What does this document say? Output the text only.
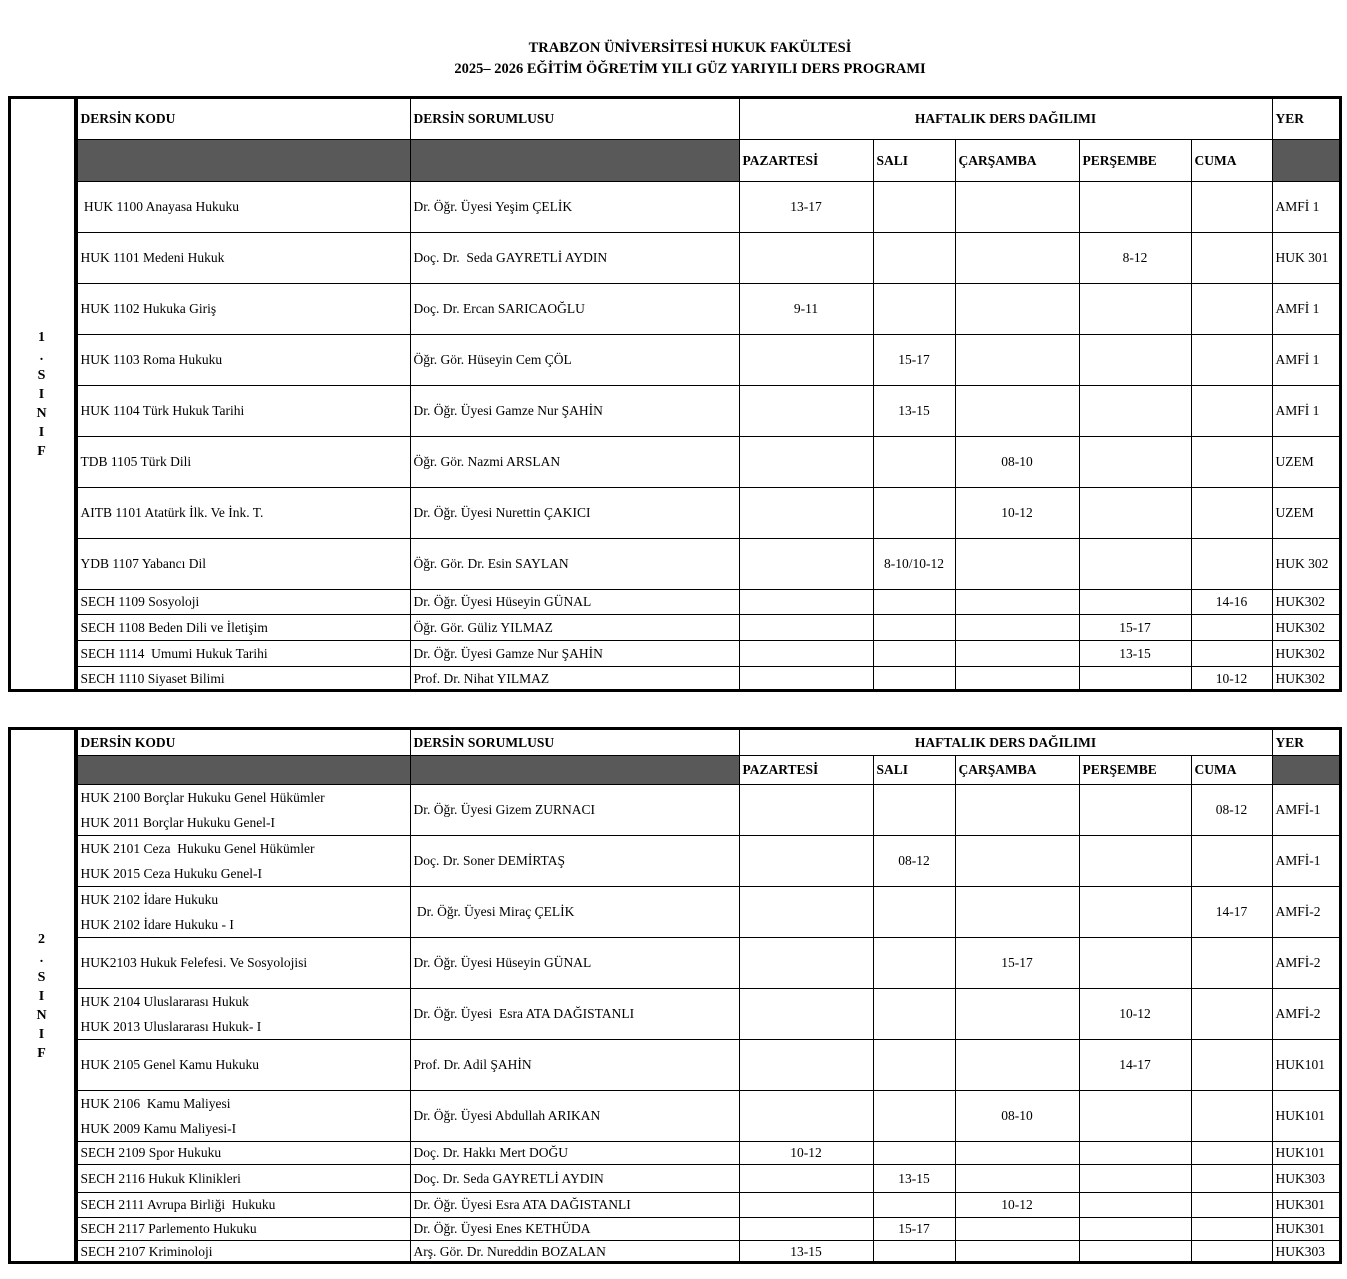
TRABZON ÜNİVERSİTESİ HUKUK FAKÜLTESİ
2025– 2026 EĞİTİM ÖĞRETİM YILI GÜZ YARIYILI DERS PROGRAMI
	DERSİN KODU	DERSİN SORUMLUSU	HAFTALIK DERS DAĞILIMI					YER
			PAZARTESİ	SALI	ÇARŞAMBA	PERŞEMBE	CUMA	
	HUK 1100 Anayasa Hukuku	Dr. Öğr. Üyesi Yeşim ÇELİK	13-17					AMFİ 1
	HUK 1101 Medeni Hukuk	Doç. Dr.  Seda GAYRETLİ AYDIN				8-12		HUK 301
	HUK 1102 Hukuka Giriş	Doç. Dr. Ercan SARICAOĞLU	9-11					AMFİ 1
	HUK 1103 Roma Hukuku	Öğr. Gör. Hüseyin Cem ÇÖL		15-17				AMFİ 1
	HUK 1104 Türk Hukuk Tarihi	Dr. Öğr. Üyesi Gamze Nur ŞAHİN		13-15				AMFİ 1
	TDB 1105 Türk Dili	Öğr. Gör. Nazmi ARSLAN			08-10			UZEM
	AITB 1101 Atatürk İlk. Ve İnk. T.	Dr. Öğr. Üyesi Nurettin ÇAKICI			10-12			UZEM
	YDB 1107 Yabancı Dil	Öğr. Gör. Dr. Esin SAYLAN		8-10/10-12				HUK 302
	SECH 1109 Sosyoloji	Dr. Öğr. Üyesi Hüseyin GÜNAL					14-16	HUK302
	SECH 1108 Beden Dili ve İletişim	Öğr. Gör. Güliz YILMAZ				15-17		HUK302
	SECH 1114  Umumi Hukuk Tarihi	Dr. Öğr. Üyesi Gamze Nur ŞAHİN				13-15		HUK302
	SECH 1110 Siyaset Bilimi	Prof. Dr. Nihat YILMAZ					10-12	HUK302
1
.
S
I
N
I
F
	DERSİN KODU	DERSİN SORUMLUSU	HAFTALIK DERS DAĞILIMI					YER
			PAZARTESİ	SALI	ÇARŞAMBA	PERŞEMBE	CUMA	

	HUK 2100 Borçlar Hukuku Genel Hükümler
HUK 2011 Borçlar Hukuku Genel-I	Dr. Öğr. Üyesi Gizem ZURNACI					08-12	AMFİ-1

	HUK 2101 Ceza  Hukuku Genel Hükümler
HUK 2015 Ceza Hukuku Genel-I	Doç. Dr. Soner DEMİRTAŞ		08-12				AMFİ-1

	HUK 2102 İdare Hukuku
HUK 2102 İdare Hukuku - I	Dr. Öğr. Üyesi Miraç ÇELİK					14-17	AMFİ-2
	HUK2103 Hukuk Felefesi. Ve Sosyolojisi	Dr. Öğr. Üyesi Hüseyin GÜNAL			15-17			AMFİ-2

	HUK 2104 Uluslararası Hukuk
HUK 2013 Uluslararası Hukuk- I	Dr. Öğr. Üyesi  Esra ATA DAĞISTANLI				10-12		AMFİ-2
	HUK 2105 Genel Kamu Hukuku	Prof. Dr. Adil ŞAHİN				14-17		HUK101

	HUK 2106  Kamu Maliyesi
HUK 2009 Kamu Maliyesi-I	Dr. Öğr. Üyesi Abdullah ARIKAN			08-10			HUK101
	SECH 2109 Spor Hukuku	Doç. Dr. Hakkı Mert DOĞU	10-12					HUK101
	SECH 2116 Hukuk Klinikleri	Doç. Dr. Seda GAYRETLİ AYDIN		13-15				HUK303
	SECH 2111 Avrupa Birliği  Hukuku	Dr. Öğr. Üyesi Esra ATA DAĞISTANLI			10-12			HUK301
	SECH 2117 Parlemento Hukuku	Dr. Öğr. Üyesi Enes KETHÜDA		15-17				HUK301
	SECH 2107 Kriminoloji	Arş. Gör. Dr. Nureddin BOZALAN	13-15					HUK303
2
.
S
I
N
I
F
